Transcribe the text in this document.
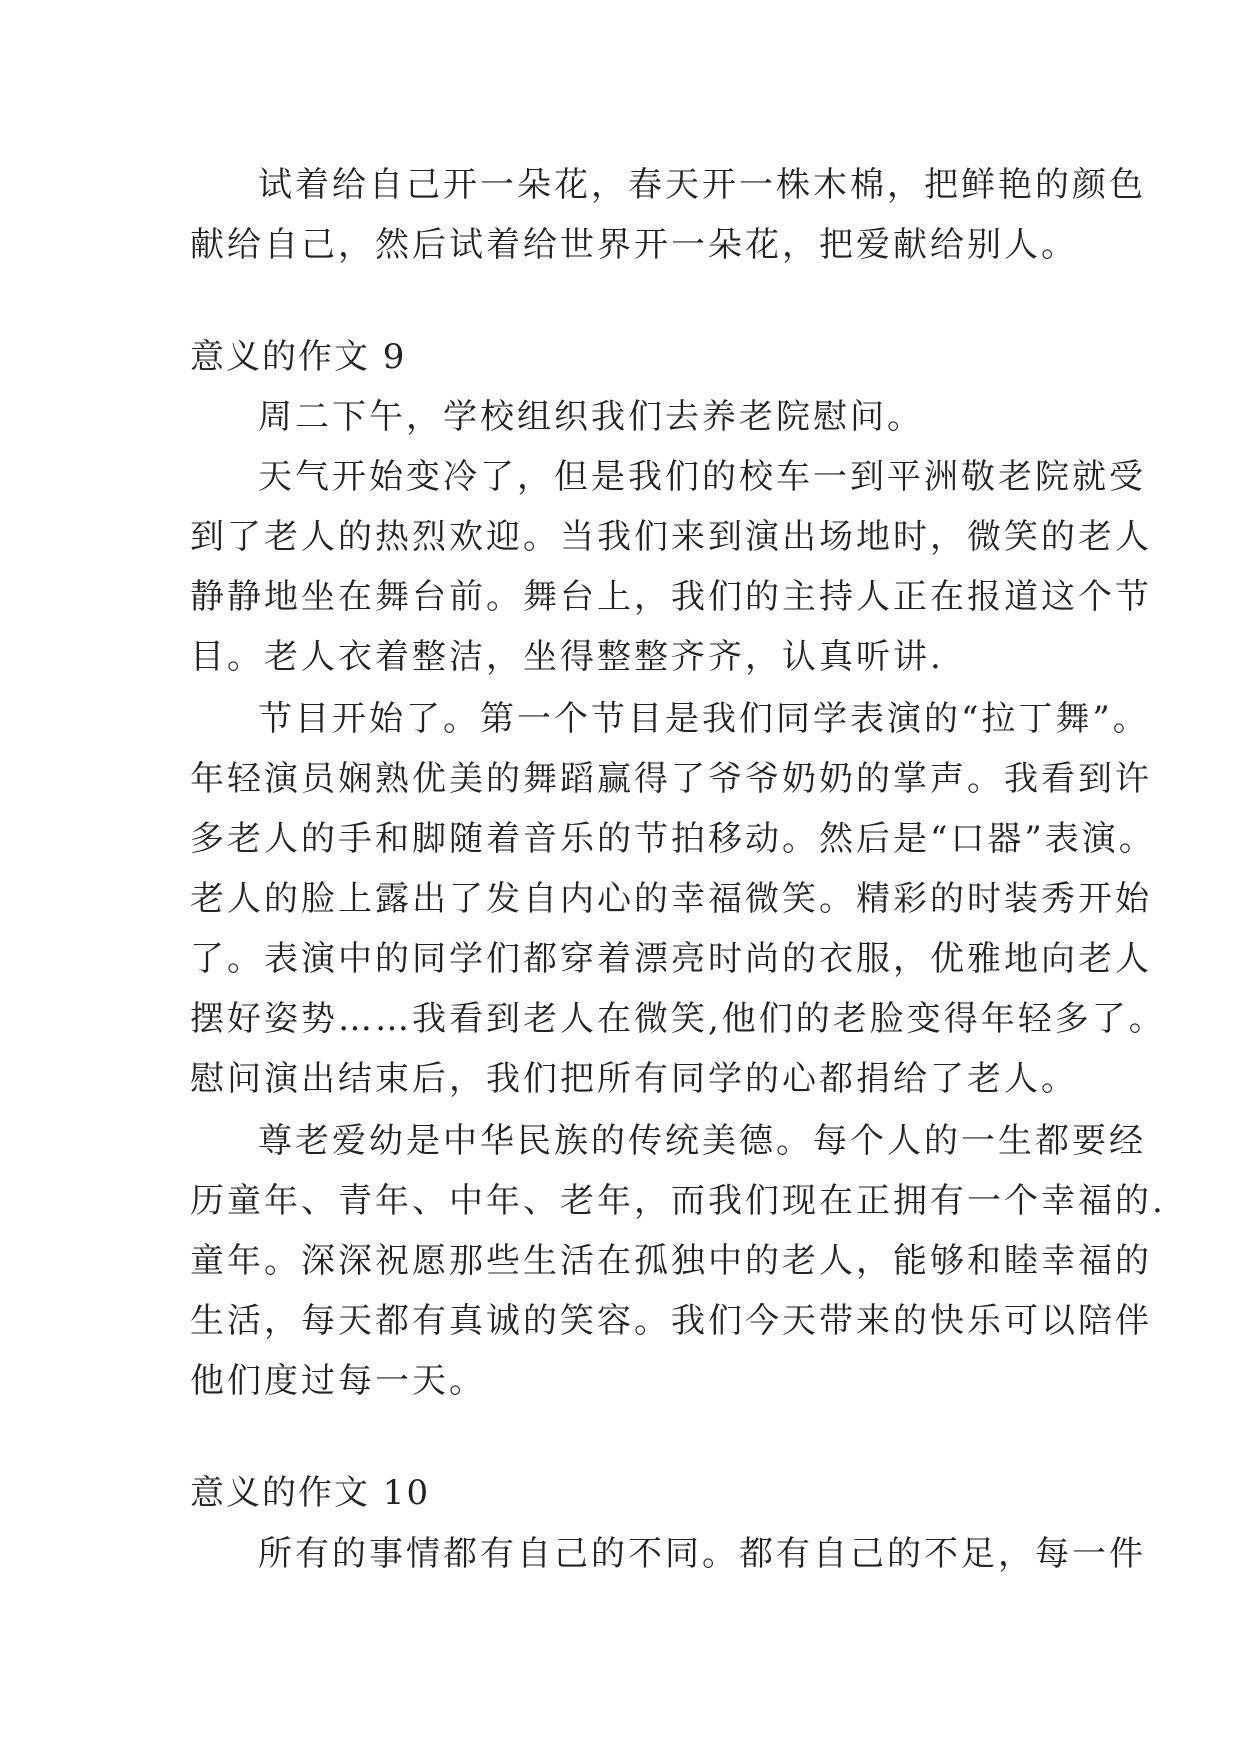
试着给自己开一朵花，春天开一株木棉，把鲜艳的颜色
献给自己，然后试着给世界开一朵花，把爱献给别人。
意义的作文 9
周二下午，学校组织我们去养老院慰问。
天气开始变冷了，但是我们的校车一到平洲敬老院就受
到了老人的热烈欢迎。当我们来到演出场地时，微笑的老人
静静地坐在舞台前。舞台上，我们的主持人正在报道这个节
目。老人衣着整洁，坐得整整齐齐，认真听讲.
节目开始了。第一个节目是我们同学表演的“拉丁舞”。
年轻演员娴熟优美的舞蹈赢得了爷爷奶奶的掌声。我看到许
多老人的手和脚随着音乐的节拍移动。然后是“口器”表演。
老人的脸上露出了发自内心的幸福微笑。精彩的时装秀开始
了。表演中的同学们都穿着漂亮时尚的衣服，优雅地向老人
摆好姿势……我看到老人在微笑,他们的老脸变得年轻多了。
慰问演出结束后，我们把所有同学的心都捐给了老人。
尊老爱幼是中华民族的传统美德。每个人的一生都要经
历童年、青年、中年、老年，而我们现在正拥有一个幸福的.
童年。深深祝愿那些生活在孤独中的老人，能够和睦幸福的
生活，每天都有真诚的笑容。我们今天带来的快乐可以陪伴
他们度过每一天。
意义的作文 10
所有的事情都有自己的不同。都有自己的不足，每一件
